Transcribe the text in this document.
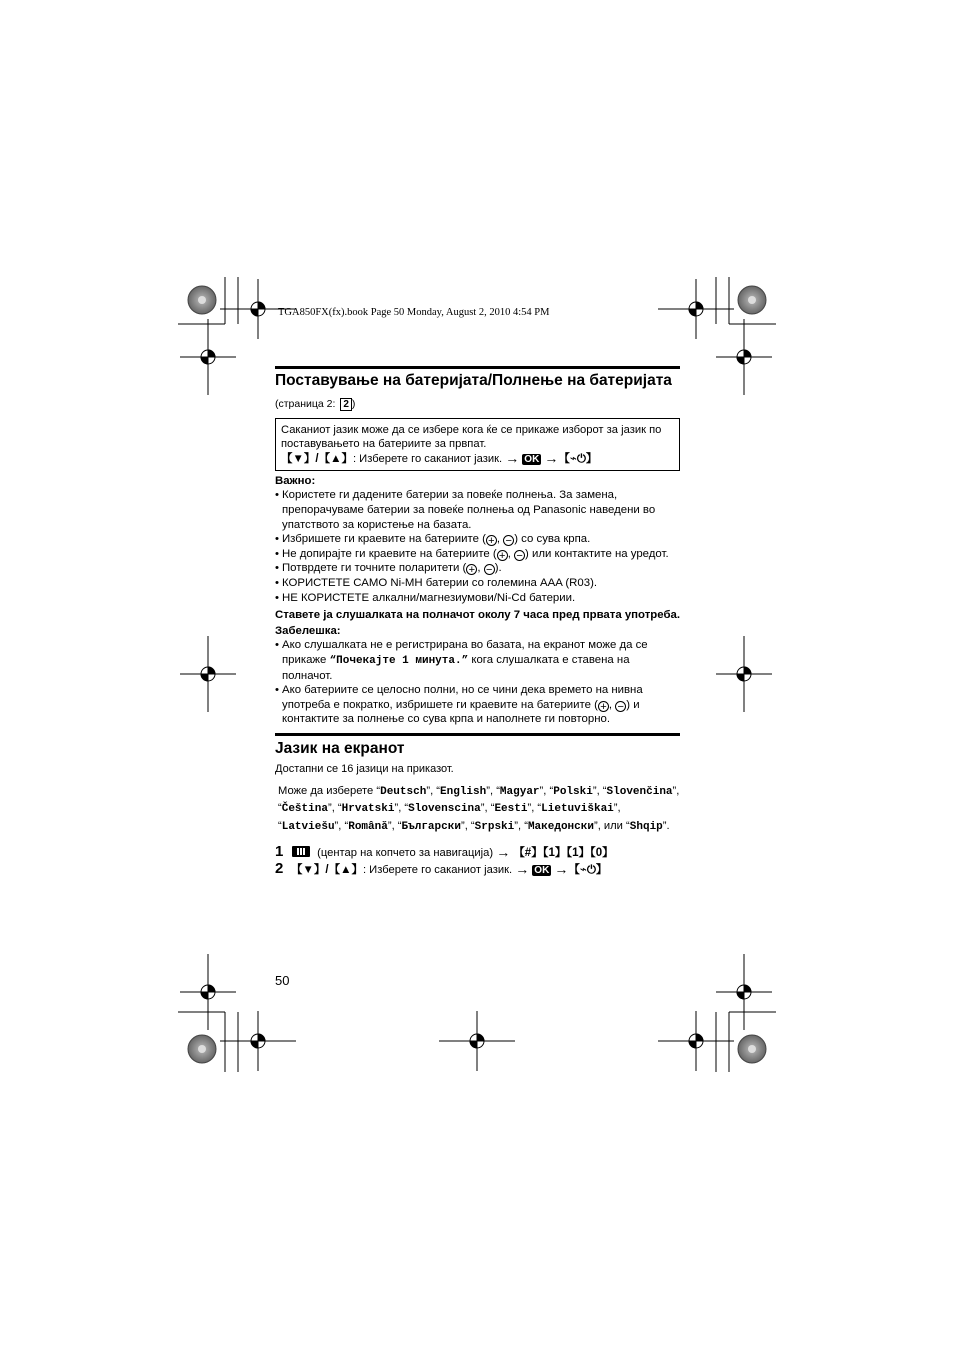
TGA850FX(fx).book Page 50 Monday, August 2, 2010 4:54 PM
Поставување на батеријата/Полнење на батеријата
(страница 2: 2 )
Саканиот јазик може да се избере кога ќе се прикаже изборот за јазик по поставувањето на батериите за првпат.
【▼】/【▲】: Изберете го саканиот јазик. → OK →【⌁⏻】
Важно:
• Користете ги дадените батерии за повеќе полнења. За замена, препорачуваме батерии за повеќе полнења од Panasonic наведени во упатството за користење на базата.
• Избришете ги краевите на батериите ( + , − ) со сува крпа.
• Не допирајте ги краевите на батериите ( + , − ) или контактите на уредот.
• Потврдете ги точните поларитети ( + , − ).
• КОРИСТЕТЕ САМО Ni-MH батерии со големина AAA (R03).
• НЕ КОРИСТЕТЕ алкални/магнезиумови/Ni-Cd батерии.
Ставете ја слушалката на полначот околу 7 часа пред првата употреба.
Забелешка:
• Ако слушалката не е регистрирана во базата, на екранот може да се прикаже “Почекајте 1 минута.” кога слушалката е ставена на полначот.
• Ако батериите се целосно полни, но се чини дека времето на нивна употреба е пократко, избришете ги краевите на батериите ( + , − ) и контактите за полнење со сува крпа и наполнете ги повторно.
Јазик на екранот
Достапни се 16 јазици на приказот.
Може да изберете “Deutsch”, “English”, “Magyar”, “Polski”, “Slovenčina”, “Čeština”, “Hrvatski”, “Slovenscina”, “Eesti”, “Lietuviškai”, “Latviešu”, “Română”, “Български”, “Srpski”, “Македонски”, или “Shqip”.
1	(центар на копчето за навигација) → 【#】【1】【1】【0】
2 【▼】/【▲】: Изберете го саканиот јазик. → OK →【⌁⏻】
50
